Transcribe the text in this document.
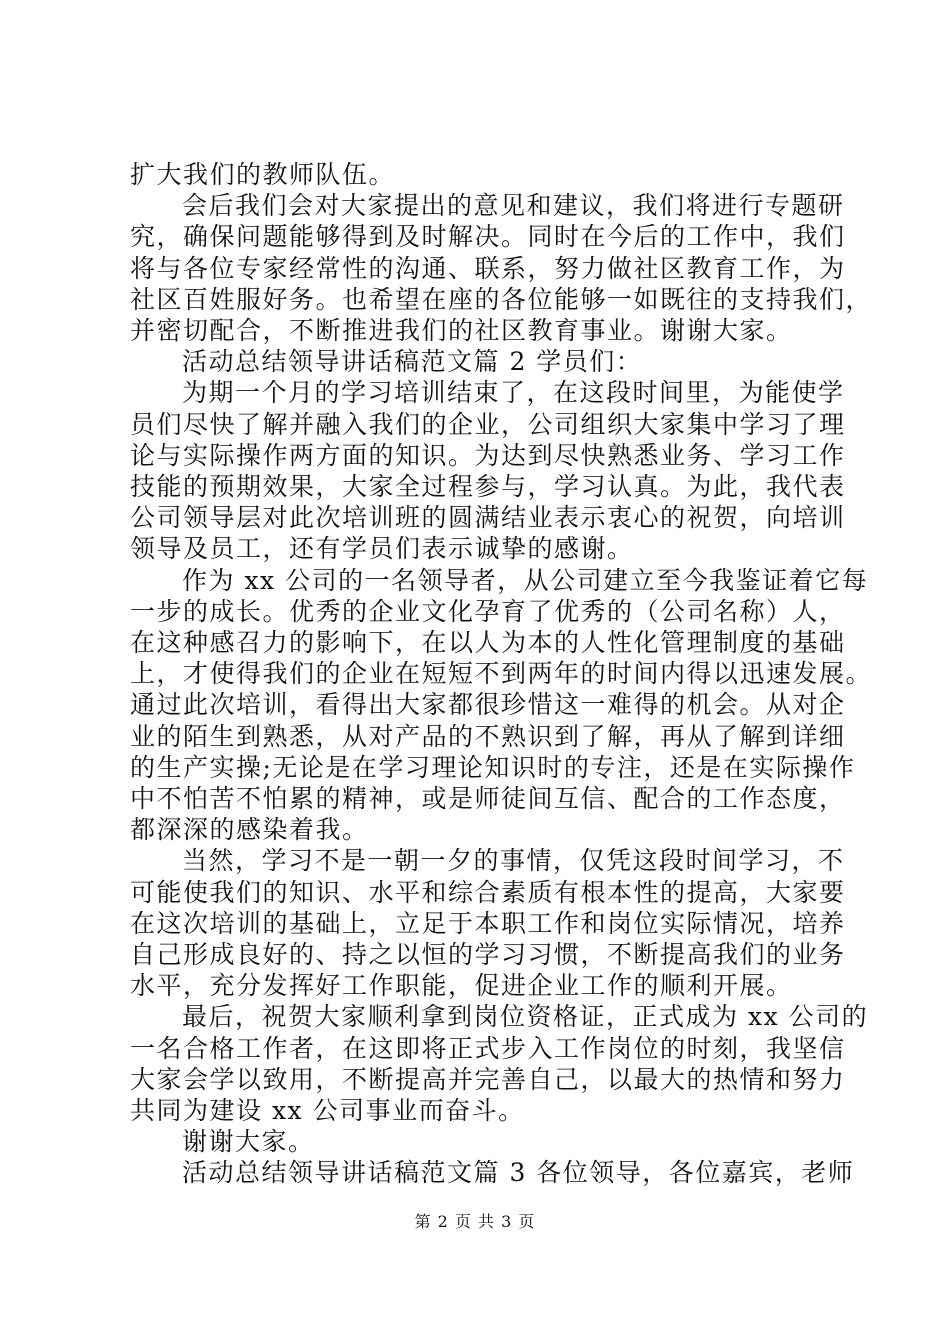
扩大我们的教师队伍。
会后我们会对大家提出的意见和建议，我们将进行专题研
究，确保问题能够得到及时解决。同时在今后的工作中，我们
将与各位专家经常性的沟通、联系，努力做社区教育工作，为
社区百姓服好务。也希望在座的各位能够一如既往的支持我们，
并密切配合，不断推进我们的社区教育事业。谢谢大家。
活动总结领导讲话稿范文篇 2 学员们：
为期一个月的学习培训结束了，在这段时间里，为能使学
员们尽快了解并融入我们的企业，公司组织大家集中学习了理
论与实际操作两方面的知识。为达到尽快熟悉业务、学习工作
技能的预期效果，大家全过程参与，学习认真。为此，我代表
公司领导层对此次培训班的圆满结业表示衷心的祝贺，向培训
领导及员工，还有学员们表示诚挚的感谢。
作为 xx 公司的一名领导者，从公司建立至今我鉴证着它每
一步的成长。优秀的企业文化孕育了优秀的（公司名称）人，
在这种感召力的影响下，在以人为本的人性化管理制度的基础
上，才使得我们的企业在短短不到两年的时间内得以迅速发展。
通过此次培训，看得出大家都很珍惜这一难得的机会。从对企
业的陌生到熟悉，从对产品的不熟识到了解，再从了解到详细
的生产实操;无论是在学习理论知识时的专注，还是在实际操作
中不怕苦不怕累的精神，或是师徒间互信、配合的工作态度，
都深深的感染着我。
当然，学习不是一朝一夕的事情，仅凭这段时间学习，不
可能使我们的知识、水平和综合素质有根本性的提高，大家要
在这次培训的基础上，立足于本职工作和岗位实际情况，培养
自己形成良好的、持之以恒的学习习惯，不断提高我们的业务
水平，充分发挥好工作职能，促进企业工作的顺利开展。
最后，祝贺大家顺利拿到岗位资格证，正式成为 xx 公司的
一名合格工作者，在这即将正式步入工作岗位的时刻，我坚信
大家会学以致用，不断提高并完善自己，以最大的热情和努力
共同为建设 xx 公司事业而奋斗。
谢谢大家。
活动总结领导讲话稿范文篇 3 各位领导，各位嘉宾，老师
第 2 页 共 3 页
